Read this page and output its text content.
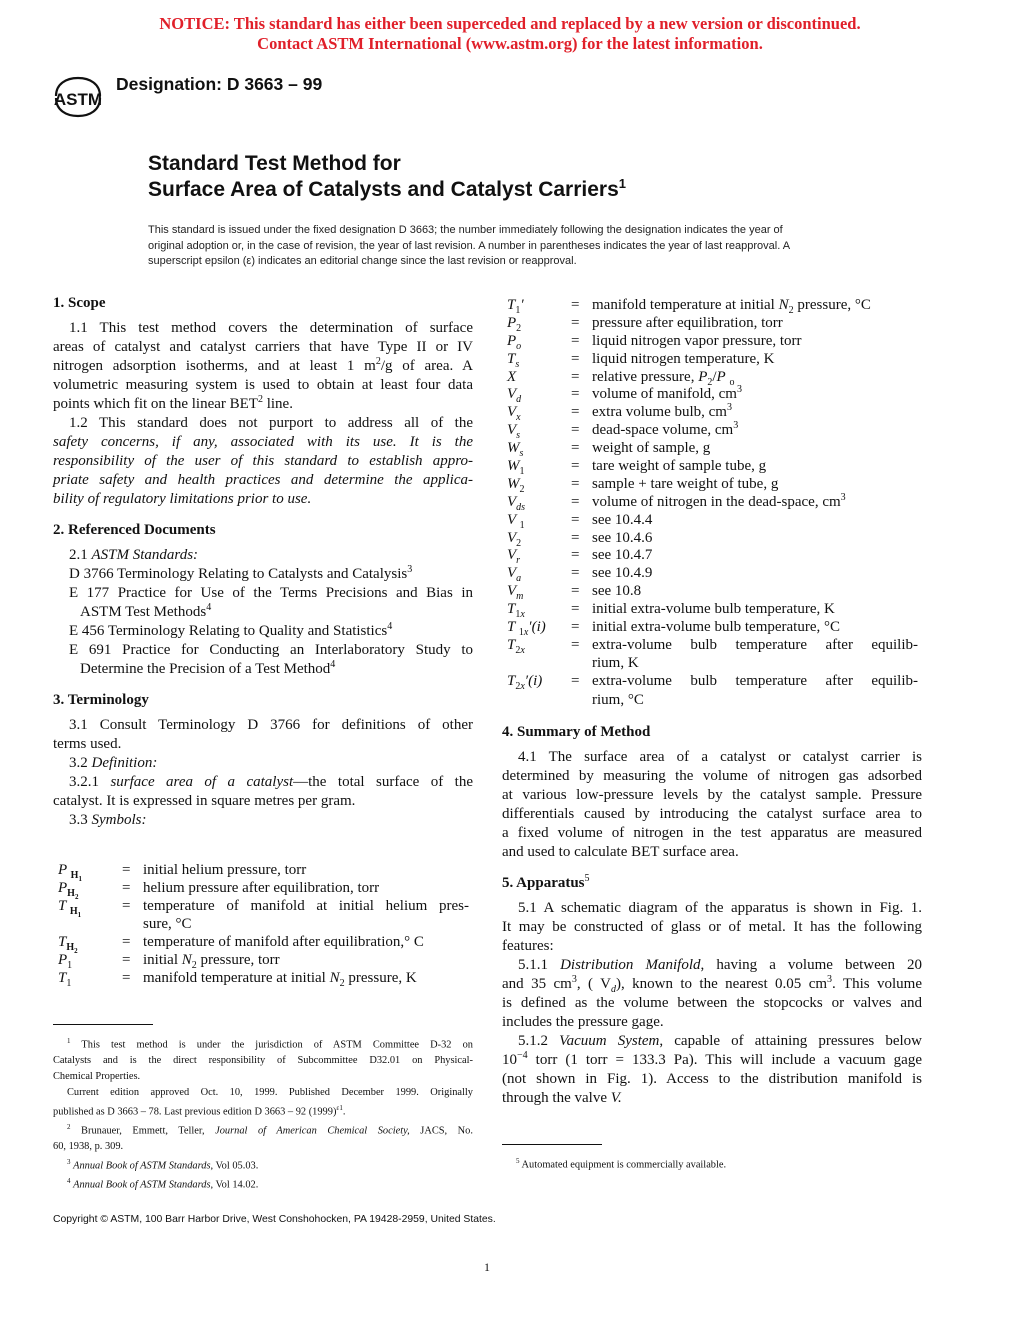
NOTICE: This standard has either been superceded and replaced by a new version or discontinued.
Contact ASTM International (www.astm.org) for the latest information.
ASTM
Designation: D 3663 – 99
Standard Test Method for
Surface Area of Catalysts and Catalyst Carriers$^1$
This standard is issued under the fixed designation D 3663; the number immediately following the designation indicates the year of
original adoption or, in the case of revision, the year of last revision. A number in parentheses indicates the year of last reapproval. A
superscript epsilon (ε) indicates an editorial change since the last revision or reapproval.
1. Scope
1.1 This test method covers the determination of surface
areas of catalyst and catalyst carriers that have Type II or IV
nitrogen adsorption isotherms, and at least 1 $m^2/g$ of area. A
volumetric measuring system is used to obtain at least four data
points which fit on the linear BET$^2$ line.
1.2 This standard does not purport to address all of the
safety concerns, if any, associated with its use. It is the
responsibility of the user of this standard to establish appro-
priate safety and health practices and determine the applica-
bility of regulatory limitations prior to use.
2. Referenced Documents
2.1 ASTM Standards:
D 3766 Terminology Relating to Catalysts and Catalysis$^3$
E 177 Practice for Use of the Terms Precisions and Bias in
ASTM Test Methods$^4$
E 456 Terminology Relating to Quality and Statistics$^4$
E 691 Practice for Conducting an Interlaboratory Study to
Determine the Precision of a Test Method$^4$
3. Terminology
3.1 Consult Terminology D 3766 for definitions of other
terms used.
3.2 Definition:
3.2.1 surface area of a catalyst—the total surface of the
catalyst. It is expressed in square metres per gram.
3.3 Symbols:
P $_{H_1}$
= initial helium pressure, torr
$P_{H_2}$
= helium pressure after equilibration, torr
T $_{H_1}$
= temperature of manifold at initial helium pres-
sure, °C
$T_{H_2}$
= temperature of manifold after equilibration,° C
$P_1$	= initial $N_2$ pressure, torr
$T_1$	= manifold temperature at initial $N_2$ pressure, K
$^1$ This test method is under the jurisdiction of ASTM Committee D-32 on
Catalysts and is the direct responsibility of Subcommittee D32.01 on Physical-
Chemical Properties.
Current edition approved Oct. 10, 1999. Published December 1999. Originally
published as D 3663 – 78. Last previous edition D 3663 – 92 $(1999)^{\varepsilon 1}$.
$^2$ Brunauer, Emmett, Teller, Journal of American Chemical Society, JACS, No.
60, 1938, p. 309.
$^3$ Annual Book of ASTM Standards, Vol 05.03.
$^4$ Annual Book of ASTM Standards, Vol 14.02.
$T_1'$	= manifold temperature at initial $N_2$ pressure, °C
$P_2$	= pressure after equilibration, torr
$P_o$	= liquid nitrogen vapor pressure, torr
$T_s$	= liquid nitrogen temperature, K
X	= relative pressure, $P_2/P$ $_o$
$V_d$	= volume of manifold, $cm^3$
$V_x$	= extra volume bulb, $cm^3$
$V_s$	= dead-space volume, $cm^3$
$W_s$	= weight of sample, g
$W_1$	= tare weight of sample tube, g
$W_2$	= sample + tare weight of tube, g
$V_{ds}$	= volume of nitrogen in the dead-space, $cm^3$
V $_1$	= see 10.4.4
$V_2$	= see 10.4.6
$V_r$	= see 10.4.7
$V_a$	= see 10.4.9
$V_m$	= see 10.8
$T_{1x}$	= initial extra-volume bulb temperature, K
T $_{1x}$′(i) = initial extra-volume bulb temperature, °C
$T_{2x}$	= extra-volume bulb temperature after equilib-
rium, K
$T_{2x}'(i)$ = extra-volume bulb temperature after equilib-
rium, °C
4. Summary of Method
4.1 The surface area of a catalyst or catalyst carrier is
determined by measuring the volume of nitrogen gas adsorbed
at various low-pressure levels by the catalyst sample. Pressure
differentials caused by introducing the catalyst surface area to
a fixed volume of nitrogen in the test apparatus are measured
and used to calculate BET surface area.
5. Apparatus$^5$
5.1 A schematic diagram of the apparatus is shown in Fig. 1.
It may be constructed of glass or of metal. It has the following
features:
5.1.1 Distribution Manifold, having a volume between 20
and 35 $cm^3$, ( $V_d$), known to the nearest 0.05 $cm^3$. This volume
is defined as the volume between the stopcocks or valves and
includes the pressure gage.
5.1.2 Vacuum System, capable of attaining pressures below
$10^{-4}$ torr (1 torr = 133.3 Pa). This will include a vacuum gage
(not shown in Fig. 1). Access to the distribution manifold is
through the valve V.
$^5$ Automated equipment is commercially available.
Copyright © ASTM, 100 Barr Harbor Drive, West Conshohocken, PA 19428-2959, United States.
1
